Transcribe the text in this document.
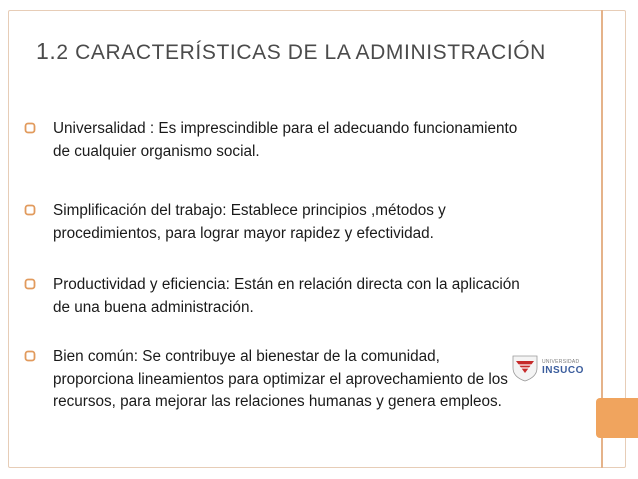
1.2 CARACTERÍSTICAS DE LA ADMINISTRACIÓN
Universalidad : Es imprescindible para el adecuando funcionamiento de cualquier organismo social.
Simplificación del trabajo: Establece principios ,métodos y procedimientos, para lograr mayor rapidez y efectividad.
Productividad y eficiencia: Están en relación directa con la aplicación de una buena administración.
Bien común: Se contribuye al bienestar de la comunidad, proporciona lineamientos para optimizar el aprovechamiento de los recursos, para mejorar las relaciones humanas y genera empleos.
UNIVERSIDAD
INSUCO
